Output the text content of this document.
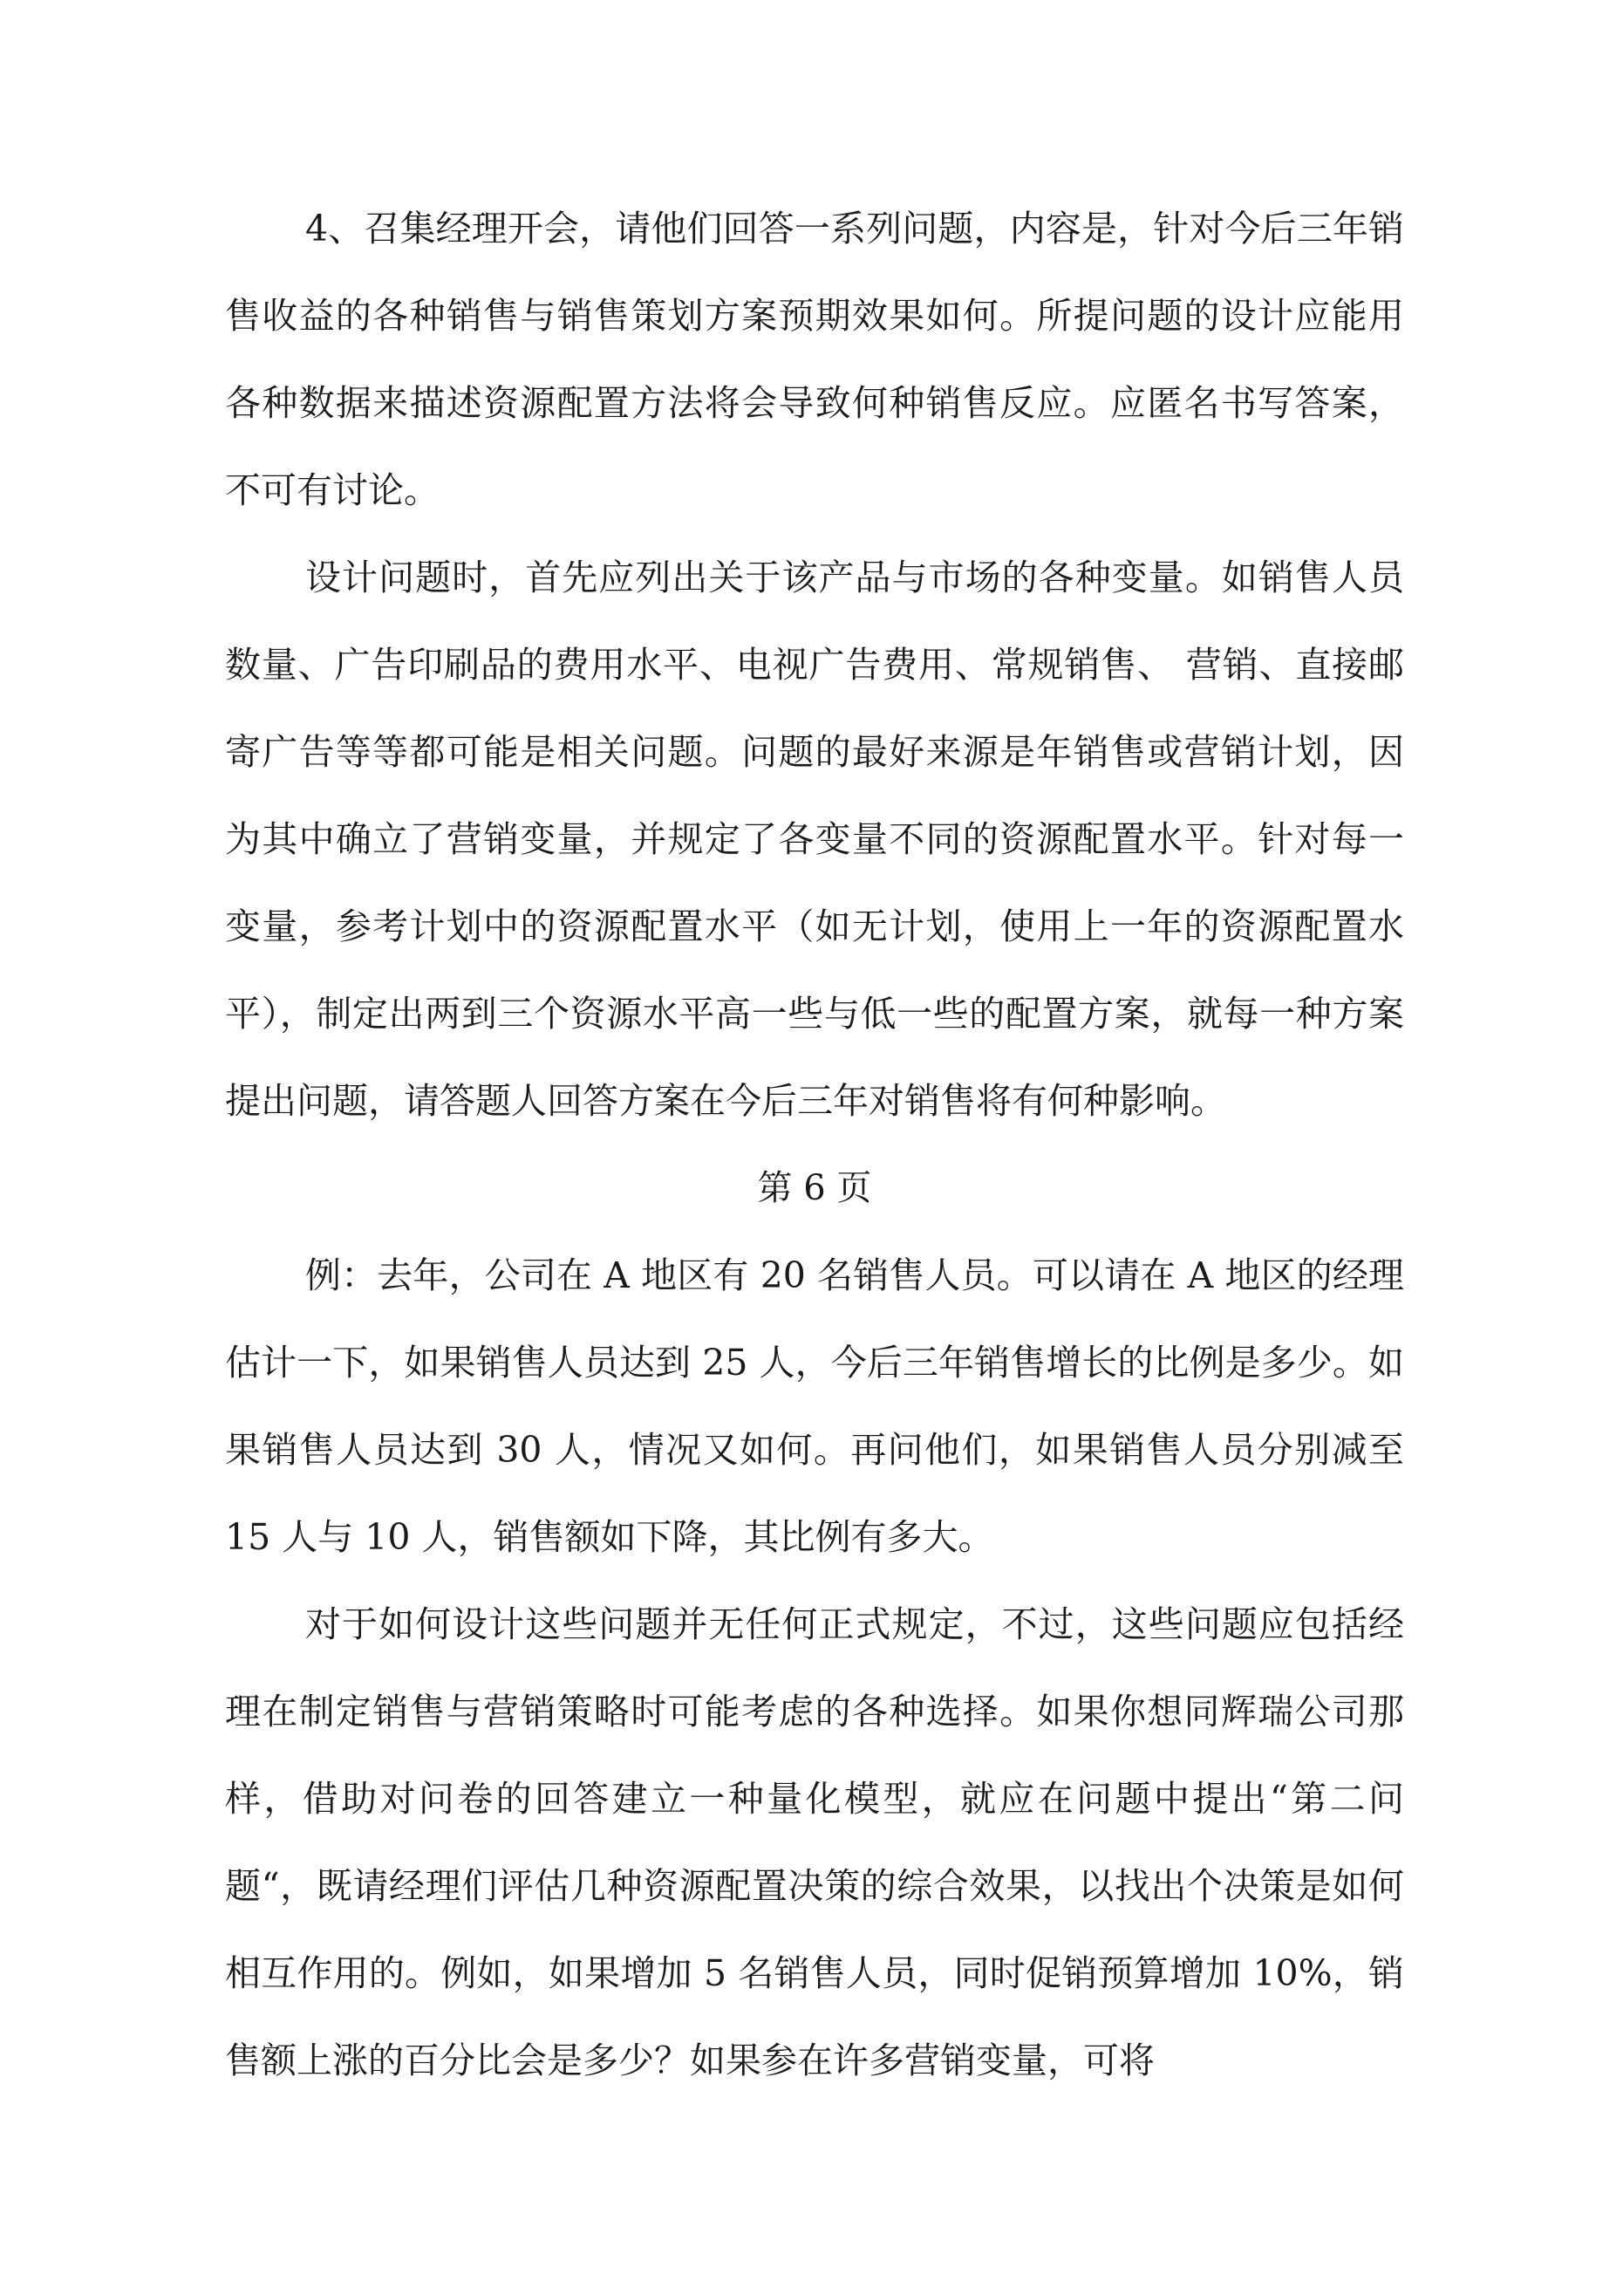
4、召集经理开会，请他们回答一系列问题，内容是，针对今后三年销售收益的各种销售与销售策划方案预期效果如何。所提问题的设计应能用各种数据来描述资源配置方法将会导致何种销售反应。应匿名书写答案，不可有讨论。

设计问题时，首先应列出关于该产品与市场的各种变量。如销售人员数量、广告印刷品的费用水平、电视广告费用、常规销售、 营销、直接邮寄广告等等都可能是相关问题。问题的最好来源是年销售或营销计划，因为其中确立了营销变量，并规定了各变量不同的资源配置水平。针对每一变量，参考计划中的资源配置水平（如无计划，使用上一年的资源配置水平），制定出两到三个资源水平高一些与低一些的配置方案，就每一种方案提出问题，请答题人回答方案在今后三年对销售将有何种影响。

第 6 页

例：去年，公司在 A 地区有 20 名销售人员。可以请在 A 地区的经理估计一下，如果销售人员达到 25 人，今后三年销售增长的比例是多少。如果销售人员达到 30 人，情况又如何。再问他们，如果销售人员分别减至 15 人与 10 人，销售额如下降，其比例有多大。

对于如何设计这些问题并无任何正式规定，不过，这些问题应包括经理在制定销售与营销策略时可能考虑的各种选择。如果你想同辉瑞公司那样，借助对问卷的回答建立一种量化模型，就应在问题中提出“第二问题“，既请经理们评估几种资源配置决策的综合效果，以找出个决策是如何相互作用的。例如，如果增加 5 名销售人员，同时促销预算增加 10%，销售额上涨的百分比会是多少？如果参在许多营销变量，可将
